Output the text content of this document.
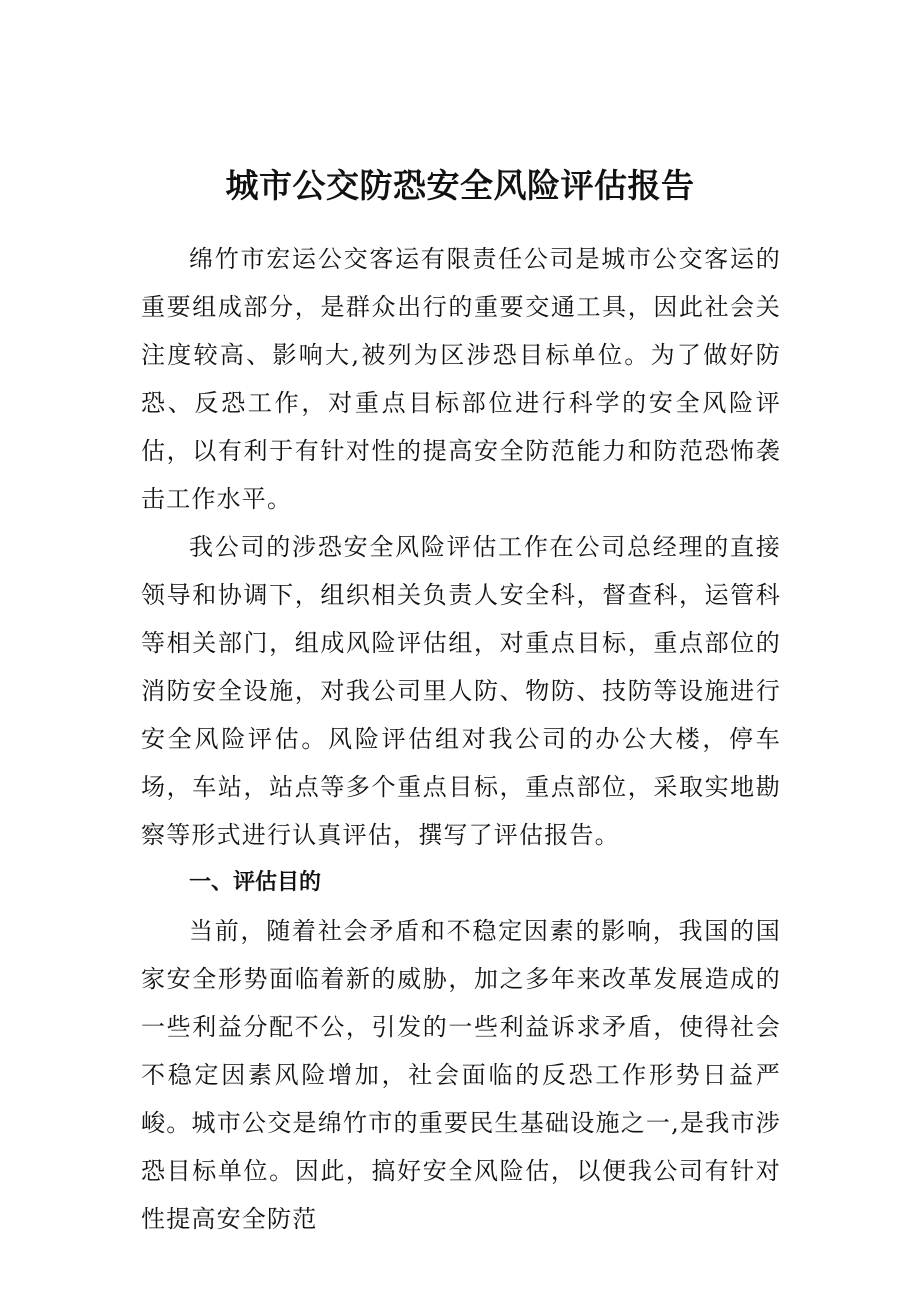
城市公交防恐安全风险评估报告

绵竹市宏运公交客运有限责任公司是城市公交客运的重要组成部分，是群众出行的重要交通工具，因此社会关注度较高、影响大,被列为区涉恐目标单位。为了做好防恐、反恐工作，对重点目标部位进行科学的安全风险评估，以有利于有针对性的提高安全防范能力和防范恐怖袭击工作水平。

我公司的涉恐安全风险评估工作在公司总经理的直接领导和协调下，组织相关负责人安全科，督查科，运管科等相关部门，组成风险评估组，对重点目标，重点部位的消防安全设施，对我公司里人防、物防、技防等设施进行安全风险评估。风险评估组对我公司的办公大楼，停车场，车站，站点等多个重点目标，重点部位，采取实地勘察等形式进行认真评估，撰写了评估报告。

一、评估目的

当前，随着社会矛盾和不稳定因素的影响，我国的国家安全形势面临着新的威胁，加之多年来改革发展造成的一些利益分配不公，引发的一些利益诉求矛盾，使得社会不稳定因素风险增加，社会面临的反恐工作形势日益严峻。城市公交是绵竹市的重要民生基础设施之一,是我市涉恐目标单位。因此，搞好安全风险估，以便我公司有针对性提高安全防范
